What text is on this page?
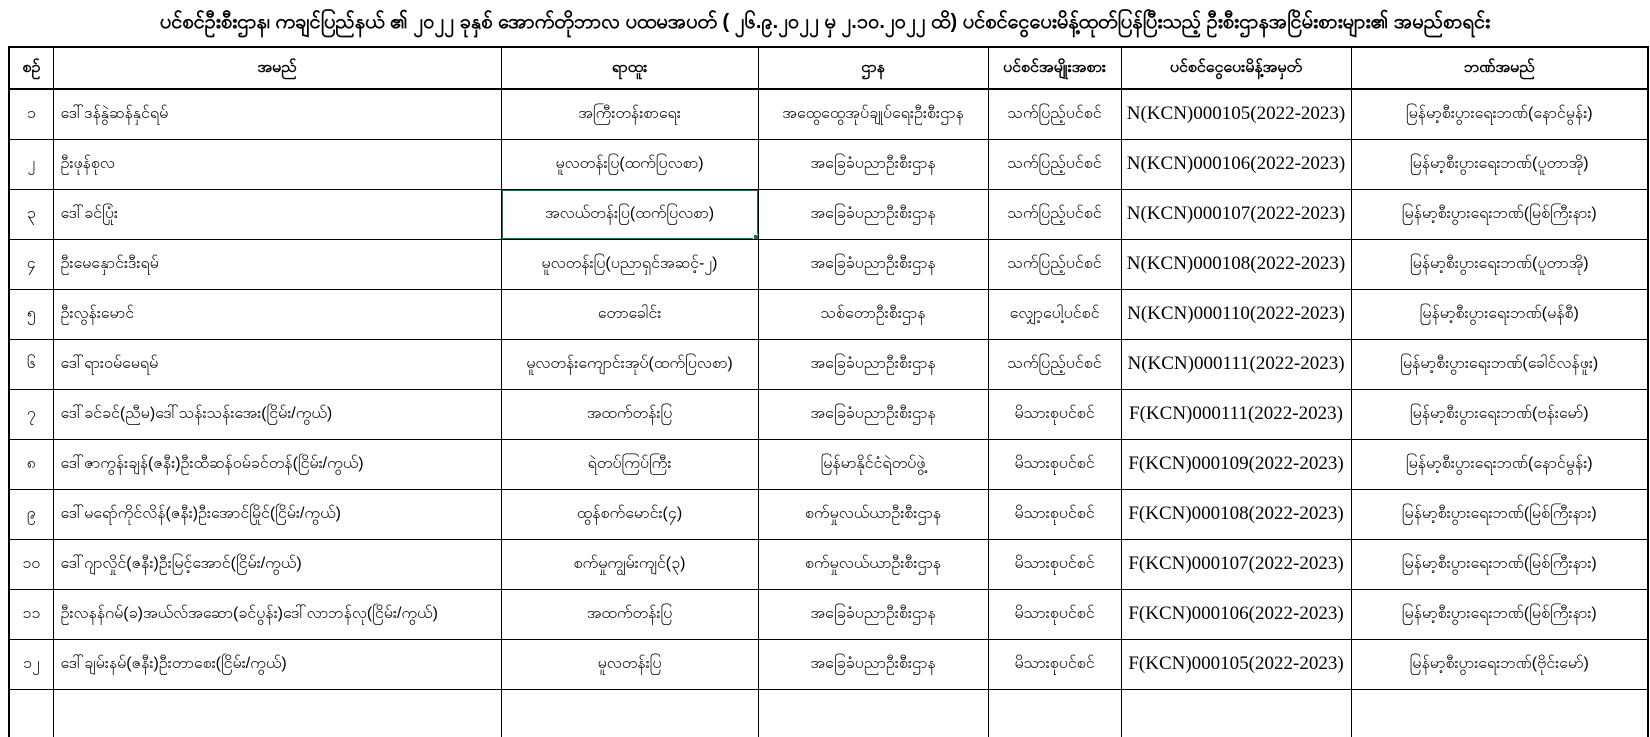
ပင်စင်ဦးစီးဌာန၊ ကချင်ပြည်နယ် ၏ ၂၀၂၂ ခုနှစ် အောက်တိုဘာလ ပထမအပတ် ( ၂၆.၉.၂၀၂၂ မှ ၂.၁၀.၂၀၂၂ ထိ) ပင်စင်ငွေပေးမိန့်ထုတ်ပြန်ပြီးသည့် ဦးစီးဌာနအငြိမ်းစားများ၏ အမည်စာရင်း
စဉ်	အမည်	ရာထူး	ဌာန	ပင်စင်အမျိုးအစား	ပင်စင်ငွေပေးမိန့်အမှတ်	ဘဏ်အမည်
၁	ဒေါ်ဒန်နွဲဆန်နှင်ရမ်	အကြီးတန်းစာရေး	အထွေထွေအုပ်ချုပ်ရေးဦးစီးဌာန	သက်ပြည့်ပင်စင်	N(KCN)000105(2022-2023)	မြန်မာ့စီးပွားရေးဘဏ်(နောင်မွန်း)
၂	ဦးဖုန်စုလ	မူလတန်းပြ(ထက်ပြလစာ)	အခြေခံပညာဦးစီးဌာန	သက်ပြည့်ပင်စင်	N(KCN)000106(2022-2023)	မြန်မာ့စီးပွားရေးဘဏ်(ပူတာအို)
၃	ဒေါ်ခင်ပြုံး	အလယ်တန်းပြ(ထက်ပြလစာ)	အခြေခံပညာဦးစီးဌာန	သက်ပြည့်ပင်စင်	N(KCN)000107(2022-2023)	မြန်မာ့စီးပွားရေးဘဏ်(မြစ်ကြီးနား)
၄	ဦးမေနှောင်းဒီးရမ်	မူလတန်းပြ(ပညာရှင်အဆင့်-၂)	အခြေခံပညာဦးစီးဌာန	သက်ပြည့်ပင်စင်	N(KCN)000108(2022-2023)	မြန်မာ့စီးပွားရေးဘဏ်(ပူတာအို)
၅	ဦးလွန်းမောင်	တောခေါင်း	သစ်တောဦးစီးဌာန	လျှော့ပေါ့ပင်စင်	N(KCN)000110(2022-2023)	မြန်မာ့စီးပွားရေးဘဏ်(မန်စီ)
၆	ဒေါ်ရားဝမ်မေရမ်	မူလတန်းကျောင်းအုပ်(ထက်ပြလစာ)	အခြေခံပညာဦးစီးဌာန	သက်ပြည့်ပင်စင်	N(KCN)000111(2022-2023)	မြန်မာ့စီးပွားရေးဘဏ်(ခေါင်လန်ဖူး)
၇	ဒေါ်ခင်ခင်(ညီမ)ဒေါ်သန်းသန်းအေး(ငြိမ်း/ကွယ်)	အထက်တန်းပြ	အခြေခံပညာဦးစီးဌာန	မိသားစုပင်စင်	F(KCN)000111(2022-2023)	မြန်မာ့စီးပွားရေးဘဏ်(ဗန်းမော်)
၈	ဒေါ်ဇာကွန်းချန်(ဇနီး)ဦးထီဆန်ဝမ်ခင်တန်(ငြိမ်း/ကွယ်)	ရဲတပ်ကြပ်ကြီး	မြန်မာနိုင်ငံရဲတပ်ဖွဲ့	မိသားစုပင်စင်	F(KCN)000109(2022-2023)	မြန်မာ့စီးပွားရေးဘဏ်(နောင်မွန်း)
၉	ဒေါ်မရော်ကိုင်လိန်(ဇနီး)ဦးအောင်မြိုင်(ငြိမ်း/ကွယ်)	ထွန်စက်မောင်း(၄)	စက်မှုလယ်ယာဦးစီးဌာန	မိသားစုပင်စင်	F(KCN)000108(2022-2023)	မြန်မာ့စီးပွားရေးဘဏ်(မြစ်ကြီးနား)
၁၀	ဒေါ်ဂျာလှိုင်(ဇနီး)ဦးမြင့်အောင်(ငြိမ်း/ကွယ်)	စက်မှုကျွမ်းကျင်(၃)	စက်မှုလယ်ယာဦးစီးဌာန	မိသားစုပင်စင်	F(KCN)000107(2022-2023)	မြန်မာ့စီးပွားရေးဘဏ်(မြစ်ကြီးနား)
၁၁	ဦးလနန်ဂမ်(ခ)အယ်လ်အဆော(ခင်ပွန်း)ဒေါ်လာဘန်လု(ငြိမ်း/ကွယ်)	အထက်တန်းပြ	အခြေခံပညာဦးစီးဌာန	မိသားစုပင်စင်	F(KCN)000106(2022-2023)	မြန်မာ့စီးပွားရေးဘဏ်(မြစ်ကြီးနား)
၁၂	ဒေါ်ချမ်းနမ်(ဇနီး)ဦးတာစေး(ငြိမ်း/ကွယ်)	မူလတန်းပြ	အခြေခံပညာဦးစီးဌာန	မိသားစုပင်စင်	F(KCN)000105(2022-2023)	မြန်မာ့စီးပွားရေးဘဏ်(ဗိုင်းမော်)
